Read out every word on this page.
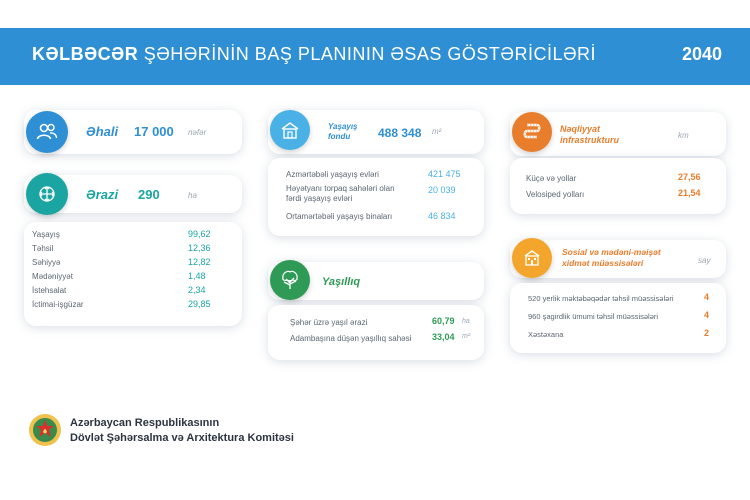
KƏLBƏCƏR ŞƏHƏRİNİN BAŞ PLANININ ƏSAS GÖSTƏRİCİLƏRİ	2040
Əhali 17 000 nəfər
Ərazi 290	ha
Yaşayış	99,62
Təhsil	12,36
Səhiyyə	12,82
Mədəniyyət	1,48
İstehsalat	2,34
İctimai-işgüzar	29,85
Yaşayış
fondu 488 348 m²
Azmərtəbəli yaşayış evləri	421 475
Həyətyanı torpaq sahələri olan
fərdi yaşayış evləri
20 039
Ortamərtəbəli yaşayış binaları	46 834
Yaşıllıq
Şəhər üzrə yaşıl ərazi	60,79 ha
Adambaşına düşən yaşıllıq sahəsi 33,04 m²
Nəqliyyat
infrastrukturu	km
Küçə və yollar	27,56
Velosiped yolları	21,54
Sosial və mədəni-məişət
xidmət müəssisələri	say
520 yerlik məktəbəqədər təhsil müəssisələri	4
960 şagirdlik ümumi təhsil müəssisələri	4
Xəstəxana	2
Azərbaycan Respublikasının
Dövlət Şəhərsalma və Arxitektura Komitəsi
